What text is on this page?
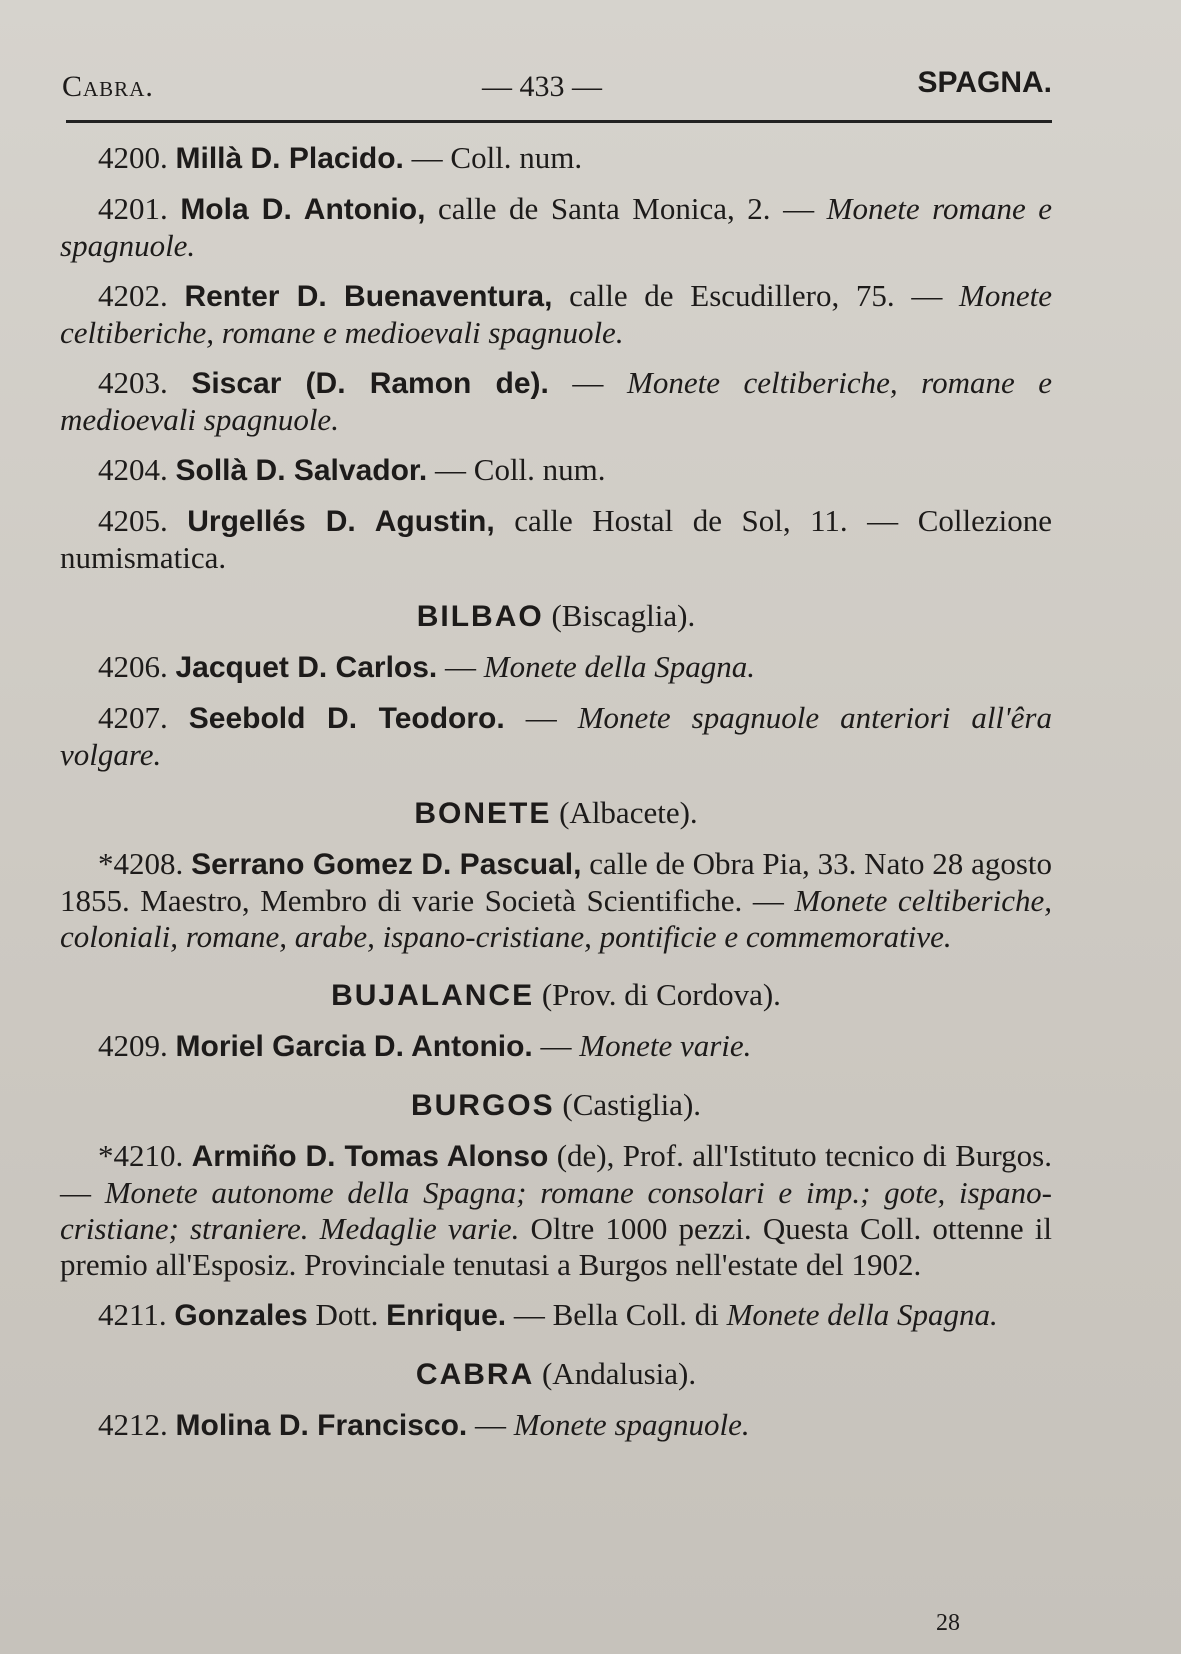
Cabra.	— 433 —	SPAGNA.
4200. Millà D. Placido. — Coll. num.
4201. Mola D. Antonio, calle de Santa Monica, 2. — Monete romane e spagnuole.
4202. Renter D. Buenaventura, calle de Escudillero, 75. — Monete celtiberiche, romane e medioevali spagnuole.
4203. Siscar (D. Ramon de). — Monete celtiberiche, romane e medioevali spagnuole.
4204. Sollà D. Salvador. — Coll. num.
4205. Urgellés D. Agustin, calle Hostal de Sol, 11. — Collezione numismatica.
BILBAO (Biscaglia).
4206. Jacquet D. Carlos. — Monete della Spagna.
4207. Seebold D. Teodoro. — Monete spagnuole anteriori all'êra volgare.
BONETE (Albacete).
*4208. Serrano Gomez D. Pascual, calle de Obra Pia, 33. Nato 28 agosto 1855. Maestro, Membro di varie Società Scientifiche. — Monete celtiberiche, coloniali, romane, arabe, ispano-cristiane, pontificie e commemorative.
BUJALANCE (Prov. di Cordova).
4209. Moriel Garcia D. Antonio. — Monete varie.
BURGOS (Castiglia).
*4210. Armiño D. Tomas Alonso (de), Prof. all'Istituto tecnico di Burgos. — Monete autonome della Spagna; romane consolari e imp.; gote, ispano-cristiane; straniere. Medaglie varie. Oltre 1000 pezzi. Questa Coll. ottenne il premio all'Esposiz. Provinciale tenutasi a Burgos nell'estate del 1902.
4211. Gonzales Dott. Enrique. — Bella Coll. di Monete della Spagna.
CABRA (Andalusia).
4212. Molina D. Francisco. — Monete spagnuole.
28
